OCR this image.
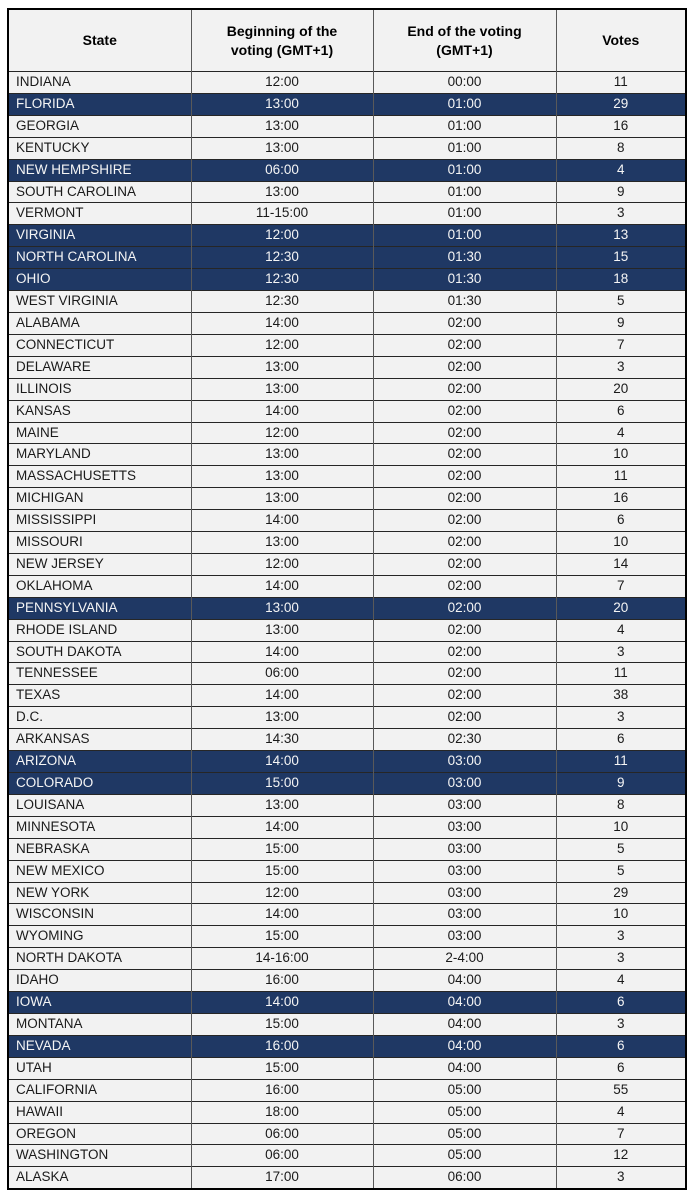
State	Beginning of the voting (GMT+1)	End of the voting (GMT+1)	Votes
INDIANA	12:00	00:00	11
FLORIDA	13:00	01:00	29
GEORGIA	13:00	01:00	16
KENTUCKY	13:00	01:00	8
NEW HEMPSHIRE	06:00	01:00	4
SOUTH CAROLINA	13:00	01:00	9
VERMONT	11-15:00	01:00	3
VIRGINIA	12:00	01:00	13
NORTH CAROLINA	12:30	01:30	15
OHIO	12:30	01:30	18
WEST VIRGINIA	12:30	01:30	5
ALABAMA	14:00	02:00	9
CONNECTICUT	12:00	02:00	7
DELAWARE	13:00	02:00	3
ILLINOIS	13:00	02:00	20
KANSAS	14:00	02:00	6
MAINE	12:00	02:00	4
MARYLAND	13:00	02:00	10
MASSACHUSETTS	13:00	02:00	11
MICHIGAN	13:00	02:00	16
MISSISSIPPI	14:00	02:00	6
MISSOURI	13:00	02:00	10
NEW JERSEY	12:00	02:00	14
OKLAHOMA	14:00	02:00	7
PENNSYLVANIA	13:00	02:00	20
RHODE ISLAND	13:00	02:00	4
SOUTH DAKOTA	14:00	02:00	3
TENNESSEE	06:00	02:00	11
TEXAS	14:00	02:00	38
D.C.	13:00	02:00	3
ARKANSAS	14:30	02:30	6
ARIZONA	14:00	03:00	11
COLORADO	15:00	03:00	9
LOUISANA	13:00	03:00	8
MINNESOTA	14:00	03:00	10
NEBRASKA	15:00	03:00	5
NEW MEXICO	15:00	03:00	5
NEW YORK	12:00	03:00	29
WISCONSIN	14:00	03:00	10
WYOMING	15:00	03:00	3
NORTH DAKOTA	14-16:00	2-4:00	3
IDAHO	16:00	04:00	4
IOWA	14:00	04:00	6
MONTANA	15:00	04:00	3
NEVADA	16:00	04:00	6
UTAH	15:00	04:00	6
CALIFORNIA	16:00	05:00	55
HAWAII	18:00	05:00	4
OREGON	06:00	05:00	7
WASHINGTON	06:00	05:00	12
ALASKA	17:00	06:00	3
